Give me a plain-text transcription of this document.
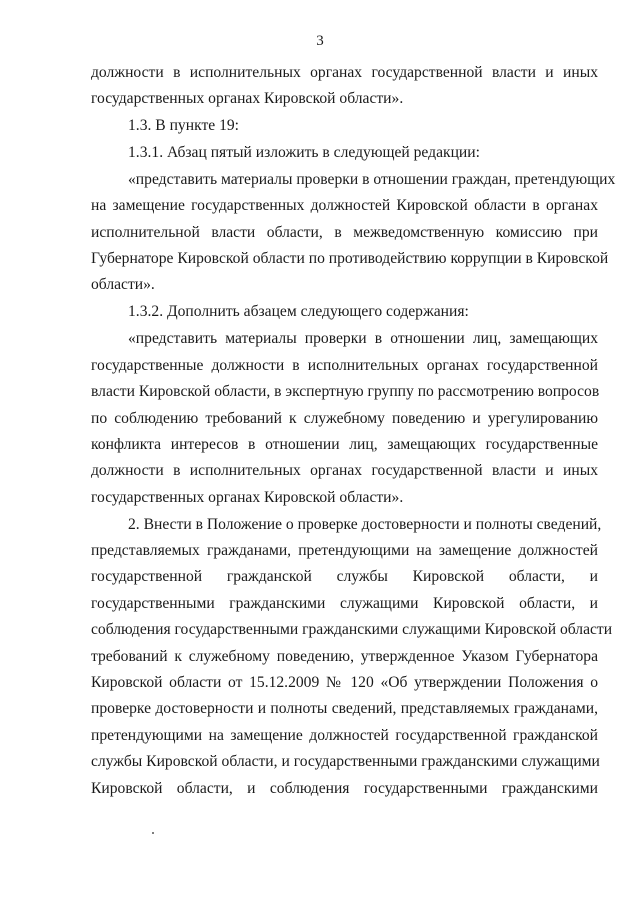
3
должности в исполнительных органах государственной власти и иных
государственных органах Кировской области».
1.3. В пункте 19:
1.3.1. Абзац пятый изложить в следующей редакции:
«представить материалы проверки в отношении граждан, претендующих
на замещение государственных должностей Кировской области в органах
исполнительной власти области, в межведомственную комиссию при
Губернаторе Кировской области по противодействию коррупции в Кировской
области».
1.3.2. Дополнить абзацем следующего содержания:
«представить материалы проверки в отношении лиц, замещающих
государственные должности в исполнительных органах государственной
власти Кировской области, в экспертную группу по рассмотрению вопросов
по соблюдению требований к служебному поведению и урегулированию
конфликта интересов в отношении лиц, замещающих государственные
должности в исполнительных органах государственной власти и иных
государственных органах Кировской области».
2. Внести в Положение о проверке достоверности и полноты сведений,
представляемых гражданами, претендующими на замещение должностей
государственной гражданской службы Кировской области, и
государственными гражданскими служащими Кировской области, и
соблюдения государственными гражданскими служащими Кировской области
требований к служебному поведению, утвержденное Указом Губернатора
Кировской области от 15.12.2009 № 120 «Об утверждении Положения о
проверке достоверности и полноты сведений, представляемых гражданами,
претендующими на замещение должностей государственной гражданской
службы Кировской области, и государственными гражданскими служащими
Кировской области, и соблюдения государственными гражданскими
